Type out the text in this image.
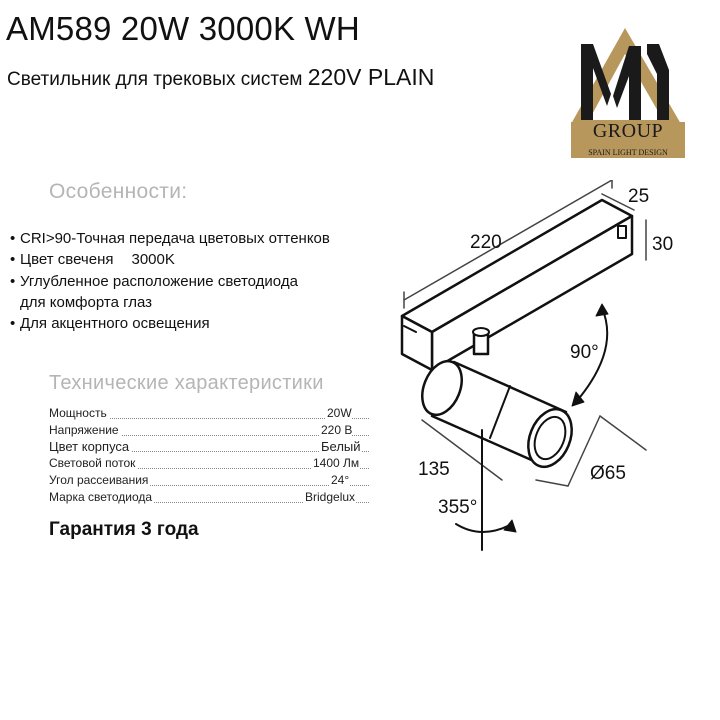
AM589 20W 3000K WH
Светильник для трековых систем 220V PLAIN
GROUP
SPAIN LIGHT DESIGN
Особенности:
• CRI>90-Точная передача цветовых оттенков
• Цвет свеченя 3000K
• Углубленное расположение светодиода
для комфорта глаз
• Для акцентного освещения
Технические характеристики
Мощность	20W
Напряжение	220 В
Цвет корпуса	Белый
Световой поток	1400 Лм
Угол рассеивания	24°
Марка светодиода	Bridgelux
Гарантия 3 года
220
25
30
90°
135	Ø65
355°
